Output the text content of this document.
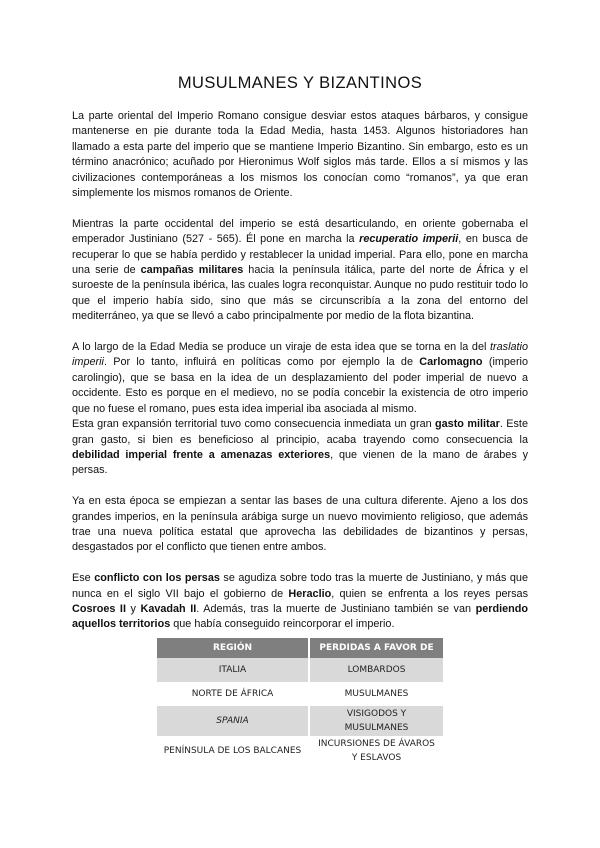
MUSULMANES Y BIZANTINOS

La parte oriental del Imperio Romano consigue desviar estos ataques bárbaros, y consigue mantenerse en pie durante toda la Edad Media, hasta 1453. Algunos historiadores han llamado a esta parte del imperio que se mantiene Imperio Bizantino. Sin embargo, esto es un término anacrónico; acuñado por Hieronimus Wolf siglos más tarde. Ellos a sí mismos y las civilizaciones contemporáneas a los mismos los conocían como “romanos”, ya que eran simplemente los mismos romanos de Oriente.

Mientras la parte occidental del imperio se está desarticulando, en oriente gobernaba el emperador Justiniano (527 - 565). Él pone en marcha la recuperatio imperii, en busca de recuperar lo que se había perdido y restablecer la unidad imperial. Para ello, pone en marcha una serie de campañas militares hacia la península itálica, parte del norte de África y el suroeste de la península ibérica, las cuales logra reconquistar. Aunque no pudo restituir todo lo que el imperio había sido, sino que más se circunscribía a la zona del entorno del mediterráneo, ya que se llevó a cabo principalmente por medio de la flota bizantina.

A lo largo de la Edad Media se produce un viraje de esta idea que se torna en la del traslatio imperii. Por lo tanto, influirá en políticas como por ejemplo la de Carlomagno (imperio carolingio), que se basa en la idea de un desplazamiento del poder imperial de nuevo a occidente. Esto es porque en el medievo, no se podía concebir la existencia de otro imperio que no fuese el romano, pues esta idea imperial iba asociada al mismo.

Esta gran expansión territorial tuvo como consecuencia inmediata un gran gasto militar. Este gran gasto, si bien es beneficioso al principio, acaba trayendo como consecuencia la debilidad imperial frente a amenazas exteriores, que vienen de la mano de árabes y persas.

Ya en esta época se empiezan a sentar las bases de una cultura diferente. Ajeno a los dos grandes imperios, en la península arábiga surge un nuevo movimiento religioso, que además trae una nueva política estatal que aprovecha las debilidades de bizantinos y persas, desgastados por el conflicto que tienen entre ambos.

Ese conflicto con los persas se agudiza sobre todo tras la muerte de Justiniano, y más que nunca en el siglo VII bajo el gobierno de Heraclio, quien se enfrenta a los reyes persas Cosroes II y Kavadah II. Además, tras la muerte de Justiniano también se van perdiendo aquellos territorios que había conseguido reincorporar el imperio.

REGIÓN	PERDIDAS A FAVOR DE
ITALIA	LOMBARDOS
NORTE DE ÁFRICA	MUSULMANES
SPANIA	VISIGODOS Y MUSULMANES
PENÍNSULA DE LOS BALCANES	INCURSIONES DE ÁVAROS Y ESLAVOS
